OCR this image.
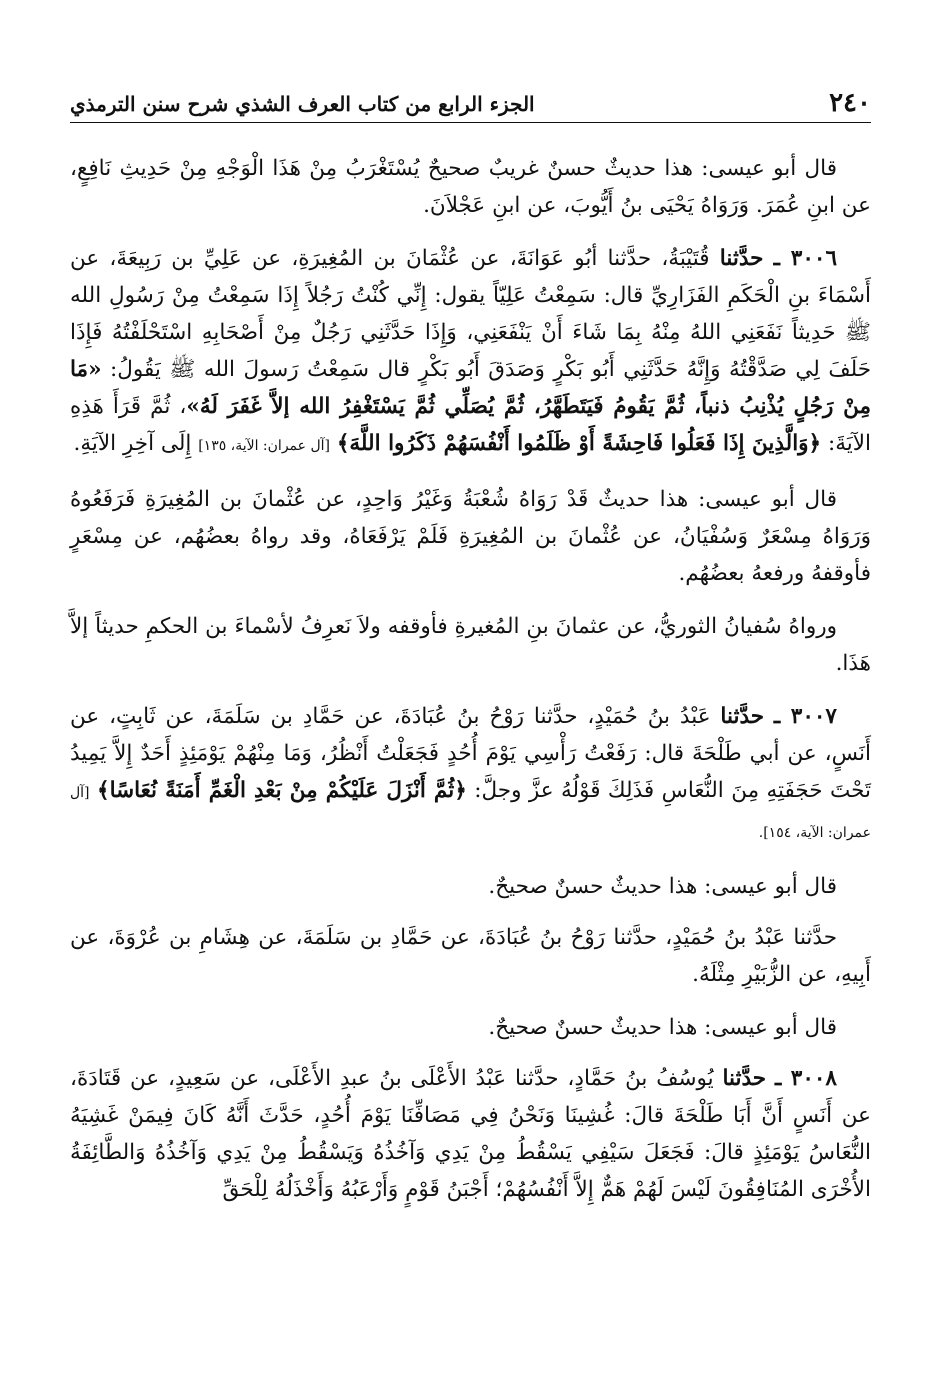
٢٤٠
الجزء الرابع من كتاب العرف الشذي شرح سنن الترمذي

قال أبو عيسى: هذا حديثٌ حسنٌ غريبٌ صحيحٌ يُسْتَغْرَبُ مِنْ هَذَا الْوَجْهِ مِنْ حَدِيثِ نَافِعٍ، عن ابنِ عُمَرَ. وَرَوَاهُ يَحْيَى بنُ أَيُّوبَ، عن ابنِ عَجْلاَنَ.

٣٠٠٦ ـ حدَّثنا قُتَيْبَةُ، حدَّثنا أبُو عَوَانَةَ، عن عُثْمَانَ بن المُغِيرَةِ، عن عَلِيِّ بن رَبِيعَةَ، عن أَسْمَاءَ بنِ الْحَكَمِ الفَزَارِيِّ قال: سَمِعْتُ عَلِيّاً يقول: إِنِّي كُنْتُ رَجُلاً إِذَا سَمِعْتُ مِنْ رَسُولِ الله ﷺ حَدِيثاً نَفَعَنِي اللهُ مِنْهُ بِمَا شَاءَ أَنْ يَنْفَعَنِي، وَإِذَا حَدَّثَنِي رَجُلٌ مِنْ أَصْحَابِهِ اسْتَحْلَفْتُهُ فَإِذَا حَلَفَ لِي صَدَّقْتُهُ وَإِنَّهُ حَدَّثَنِي أَبُو بَكْرٍ وَصَدَقَ أَبُو بَكْرٍ قال سَمِعْتُ رَسولَ الله ﷺ يَقُولُ: «مَا مِنْ رَجُلٍ يُذْنِبُ ذنباً، ثُمَّ يَقُومُ فَيَتَطَهَّرُ، ثُمَّ يُصَلِّي ثُمَّ يَسْتَغْفِرُ الله إلاَّ غَفَرَ لَهُ»، ثُمَّ قَرَأَ هَذِهِ الآيَةَ: ﴿وَالَّذِينَ إِذَا فَعَلُوا فَاحِشَةً أَوْ ظَلَمُوا أَنْفُسَهُمْ ذَكَرُوا اللَّهَ﴾ [آل عمران: الآية، ١٣٥] إِلَى آخِرِ الآيَةِ.

قال أبو عيسى: هذا حديثٌ قَدْ رَوَاهُ شُعْبَةُ وَغَيْرُ وَاحِدٍ، عن عُثْمانَ بن المُغِيرَةِ فَرَفَعُوهُ وَرَوَاهُ مِسْعَرٌ وَسُفْيَانُ، عن عُثْمانَ بن المُغِيرَةِ فَلَمْ يَرْفَعَاهُ، وقد رواهُ بعضُهُم، عن مِسْعَرٍ فأوقفهُ ورفعهُ بعضُهُم.

ورواهُ سُفيانُ الثوريُّ، عن عثمانَ بنِ المُغيرةِ فأوقفه ولاَ نَعرِفُ لأسْماءَ بن الحكمِ حديثاً إلاَّ هَذَا.

٣٠٠٧ ـ حدَّثنا عَبْدُ بنُ حُمَيْدٍ، حدَّثنا رَوْحُ بنُ عُبَادَةَ، عن حَمَّادِ بن سَلَمَةَ، عن ثَابِتٍ، عن أَنَسٍ، عن أبي طَلْحَةَ قال: رَفَعْتُ رَأْسِي يَوْمَ أُحُدٍ فَجَعَلْتُ أَنْظُرُ، وَمَا مِنْهُمْ يَوْمَئِذٍ أَحَدٌ إِلاَّ يَمِيدُ تَحْتَ حَجَفَتِهِ مِنَ النُّعَاسِ فَذَلِكَ قَوْلُهُ عزَّ وجلَّ: ﴿ثُمَّ أَنْزَلَ عَلَيْكُمْ مِنْ بَعْدِ الْغَمِّ أَمَنَةً نُعَاسًا﴾ [آل عمران: الآية، ١٥٤].

قال أبو عيسى: هذا حديثٌ حسنٌ صحيحٌ.

حدَّثنا عَبْدُ بنُ حُمَيْدٍ، حدَّثنا رَوْحُ بنُ عُبَادَةَ، عن حَمَّادِ بن سَلَمَةَ، عن هِشَامِ بن عُرْوَةَ، عن أَبِيهِ، عن الزُّبَيْرِ مِثْلَهُ.

قال أبو عيسى: هذا حديثٌ حسنٌ صحيحٌ.

٣٠٠٨ ـ حدَّثنا يُوسُفُ بنُ حَمَّادٍ، حدَّثنا عَبْدُ الأَعْلَى بنُ عبدِ الأَعْلَى، عن سَعِيدٍ، عن قَتَادَةَ، عن أَنَسٍ أَنَّ أَبَا طَلْحَةَ قالَ: غُشِينَا وَنَحْنُ فِي مَصَافِّنَا يَوْمَ أُحُدٍ، حَدَّثَ أَنَّهُ كَانَ فِيمَنْ غَشِيَهُ النُّعَاسُ يَوْمَئِذٍ قالَ: فَجَعَلَ سَيْفِي يَسْقُطُ مِنْ يَدِي وَآخُذُهُ وَيَسْقُطُ مِنْ يَدِي وَآخُذُهُ وَالطَّائِفَةُ الأُخْرَى المُنَافِقُونَ لَيْسَ لَهُمْ هَمٌّ إِلاَّ أَنْفُسُهُمْ؛ أَجْبَنُ قَوْمٍ وَأَرْعَبُهُ وَأَخْذَلُهُ لِلْحَقِّ
